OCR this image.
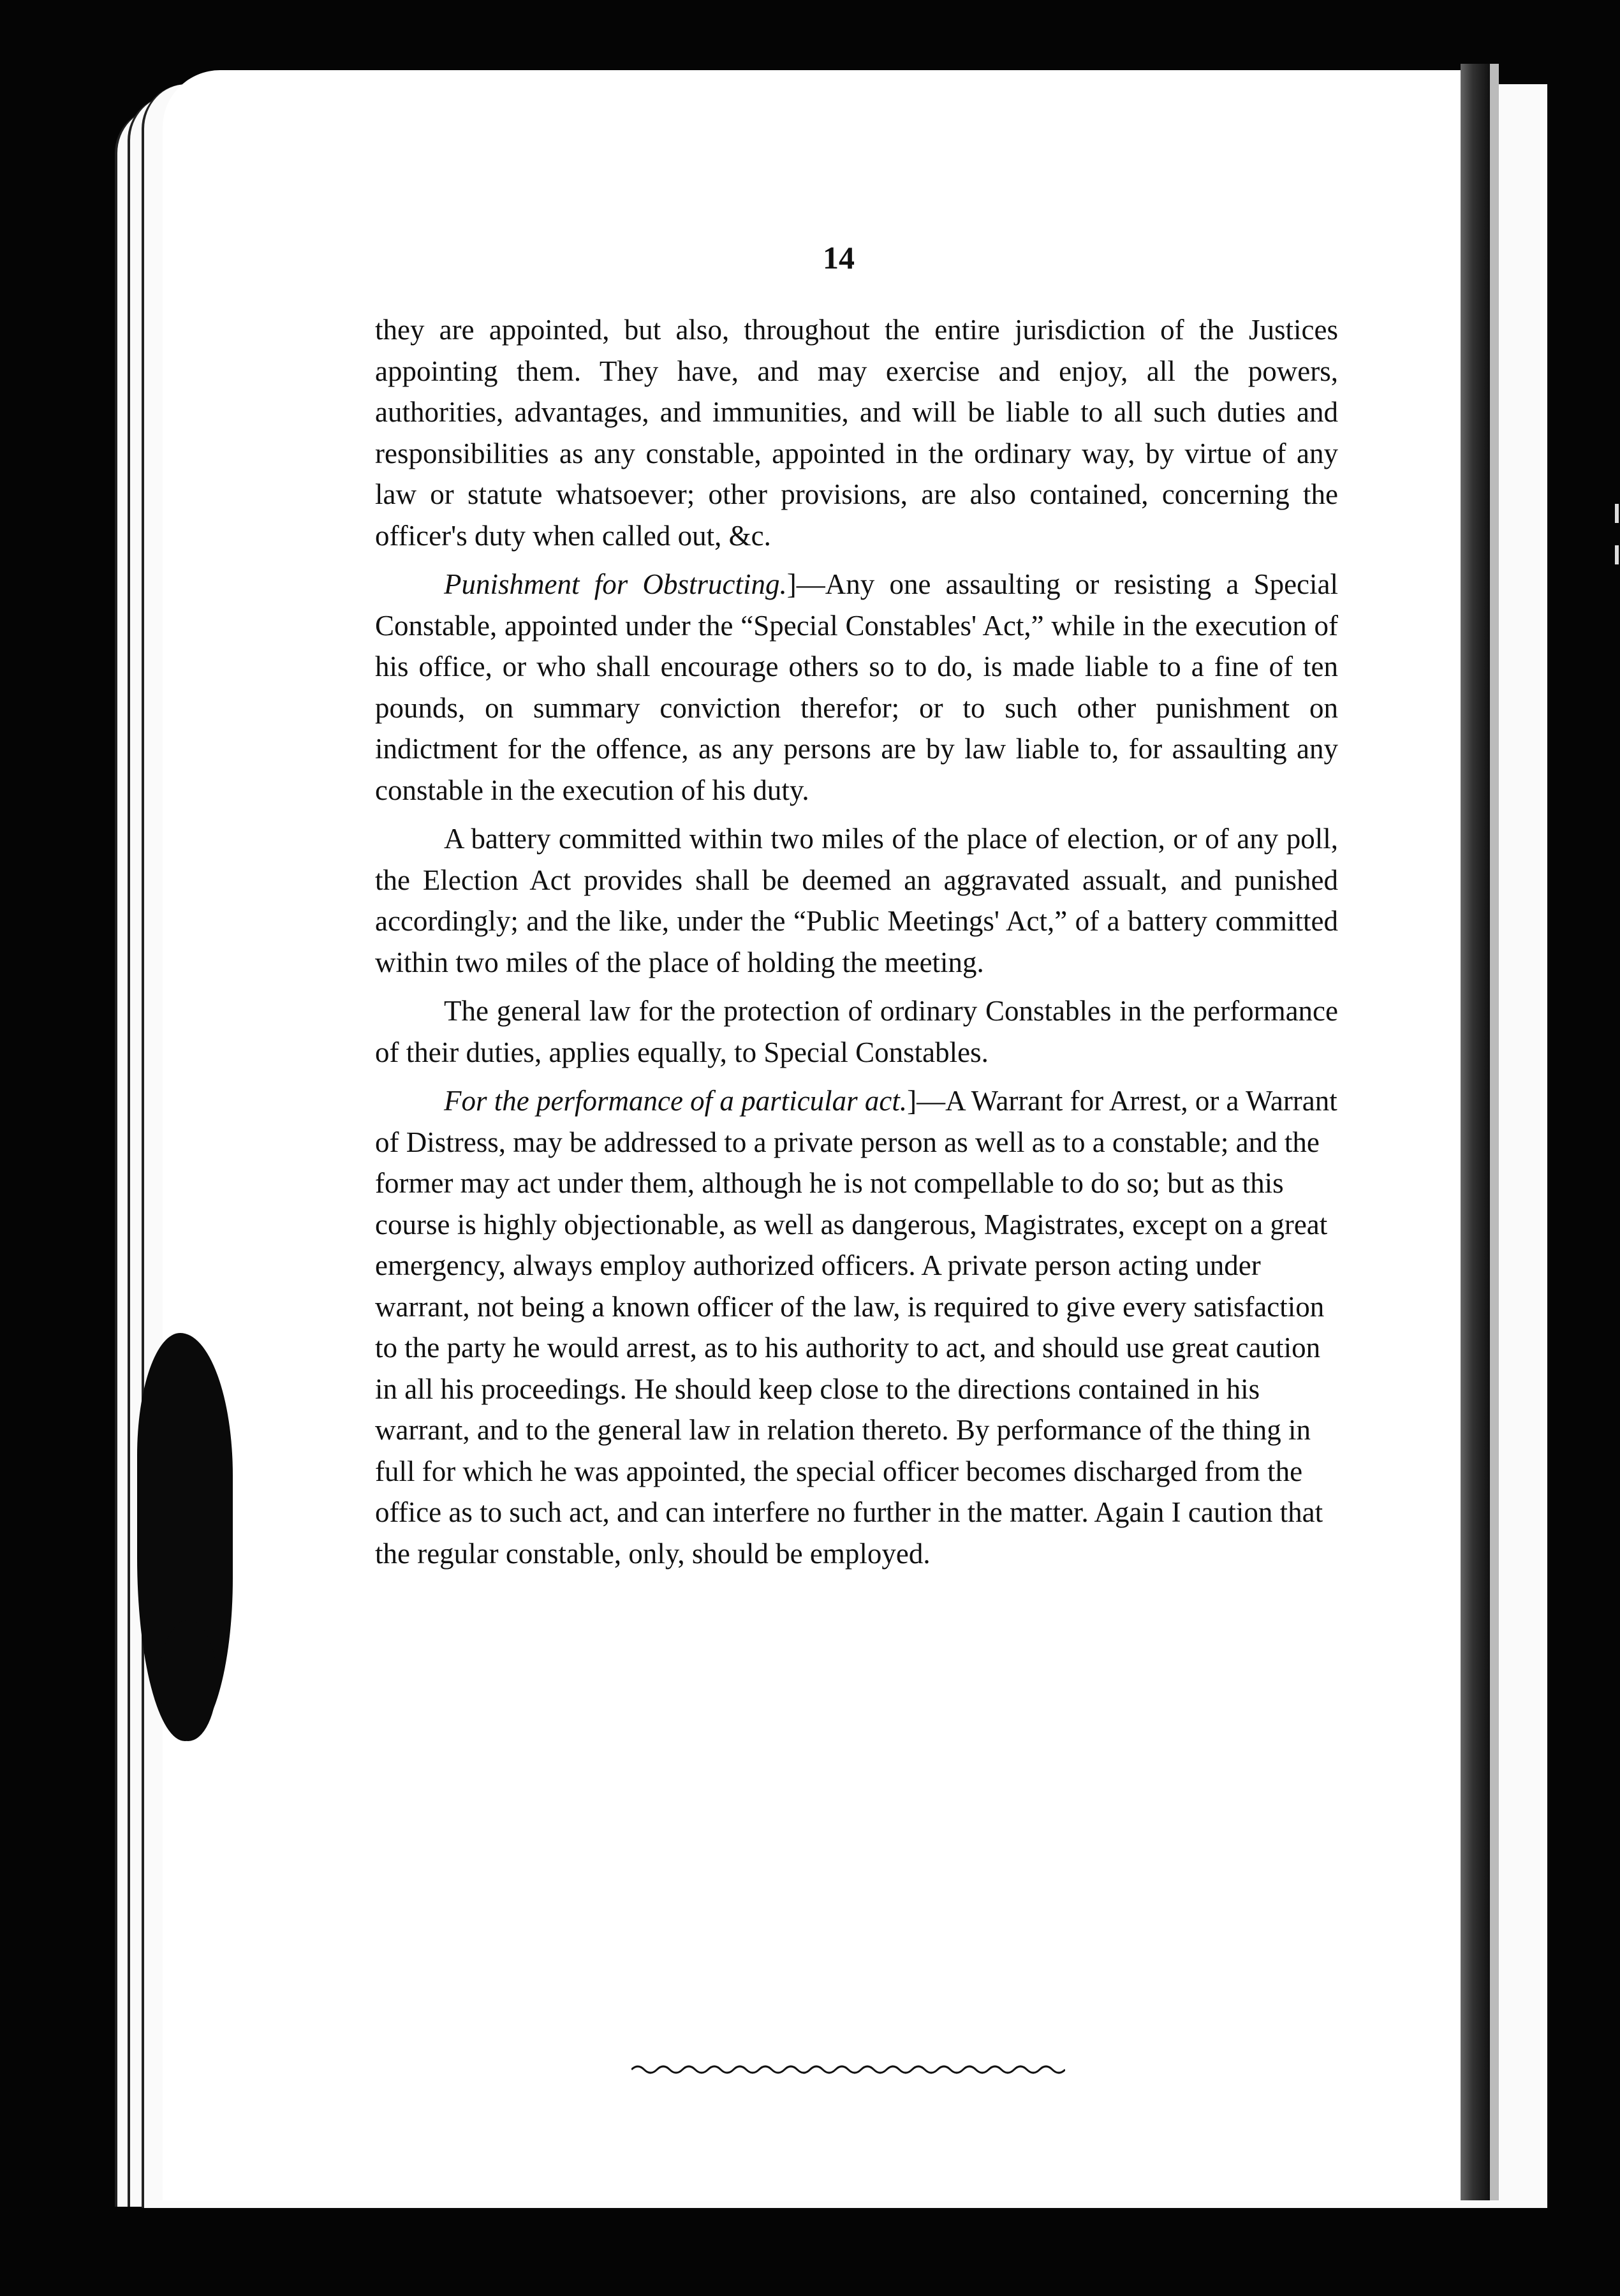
14

they are appointed, but also, throughout the entire jurisdiction of the Justices appointing them. They have, and may exercise and enjoy, all the powers, authorities, advantages, and immunities, and will be liable to all such duties and responsibilities as any constable, appointed in the ordinary way, by virtue of any law or statute whatsoever; other provisions, are also contained, concerning the officer's duty when called out, &c.

Punishment for Obstructing.]—Any one assaulting or resisting a Special Constable, appointed under the “Special Constables' Act,” while in the execution of his office, or who shall encourage others so to do, is made liable to a fine of ten pounds, on summary conviction therefor; or to such other punishment on indictment for the offence, as any persons are by law liable to, for assaulting any constable in the execution of his duty.

A battery committed within two miles of the place of election, or of any poll, the Election Act provides shall be deemed an aggravated assualt, and punished accordingly; and the like, under the “Public Meetings' Act,” of a battery committed within two miles of the place of holding the meeting.

The general law for the protection of ordinary Constables in the performance of their duties, applies equally, to Special Constables.

For the performance of a particular act.]—A Warrant for Arrest, or a Warrant of Distress, may be addressed to a private person as well as to a constable; and the former may act under them, although he is not compellable to do so; but as this course is highly objectionable, as well as dangerous, Magistrates, except on a great emergency, always employ authorized officers. A private person acting under warrant, not being a known officer of the law, is required to give every satisfaction to the party he would arrest, as to his authority to act, and should use great caution in all his proceedings. He should keep close to the directions contained in his warrant, and to the general law in relation thereto. By performance of the thing in full for which he was appointed, the special officer becomes discharged from the office as to such act, and can interfere no further in the matter. Again I caution that the regular constable, only, should be employed.
